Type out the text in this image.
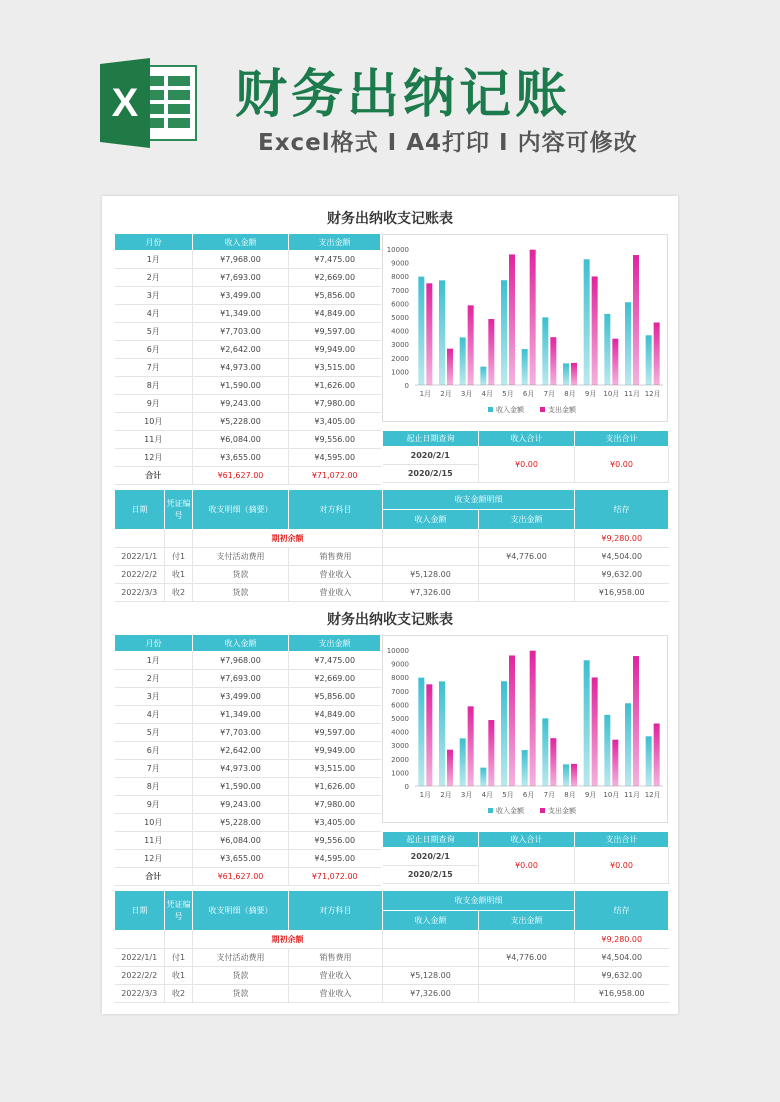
X 财务出纳记账
Excel格式 Ⅰ A4打印 Ⅰ 内容可修改
财务出纳收支记账表
月份	收入金额	支出金额
1月	¥7,968.00	¥7,475.00
2月	¥7,693.00	¥2,669.00
3月	¥3,499.00	¥5,856.00
4月	¥1,349.00	¥4,849.00
5月	¥7,703.00	¥9,597.00
6月	¥2,642.00	¥9,949.00
7月	¥4,973.00	¥3,515.00
8月	¥1,590.00	¥1,626.00
9月	¥9,243.00	¥7,980.00
10月	¥5,228.00	¥3,405.00
11月	¥6,084.00	¥9,556.00
12月	¥3,655.00	¥4,595.00
合计	¥61,627.00	¥71,072.00
0
1000
2000
3000
4000
5000
6000
7000
8000
9000
10000
1月 2月 3月 4月 5月 6月 7月 8月 9月 10月 11月 12月
收入金额	支出金额
起止日期查询	收入合计	支出合计
2020/2/1	¥0.00	¥0.00
2020/2/15		
日期	凭证编号	收支明细（摘要）	对方科目	收支金额明细		结存
				收入金额	支出金额	
		期初余额				¥9,280.00
2022/1/1	付1	支付活动费用	销售费用		¥4,776.00	¥4,504.00
2022/2/2	收1	货款	营业收入	¥5,128.00		¥9,632.00
2022/3/3	收2	货款	营业收入	¥7,326.00		¥16,958.00
财务出纳收支记账表
月份	收入金额	支出金额
1月	¥7,968.00	¥7,475.00
2月	¥7,693.00	¥2,669.00
3月	¥3,499.00	¥5,856.00
4月	¥1,349.00	¥4,849.00
5月	¥7,703.00	¥9,597.00
6月	¥2,642.00	¥9,949.00
7月	¥4,973.00	¥3,515.00
8月	¥1,590.00	¥1,626.00
9月	¥9,243.00	¥7,980.00
10月	¥5,228.00	¥3,405.00
11月	¥6,084.00	¥9,556.00
12月	¥3,655.00	¥4,595.00
合计	¥61,627.00	¥71,072.00
0
1000
2000
3000
4000
5000
6000
7000
8000
9000
10000
1月 2月 3月 4月 5月 6月 7月 8月 9月 10月 11月 12月
收入金额	支出金额
起止日期查询	收入合计	支出合计
2020/2/1	¥0.00	¥0.00
2020/2/15		
日期	凭证编号	收支明细（摘要）	对方科目	收支金额明细		结存
				收入金额	支出金额	
		期初余额				¥9,280.00
2022/1/1	付1	支付活动费用	销售费用		¥4,776.00	¥4,504.00
2022/2/2	收1	货款	营业收入	¥5,128.00		¥9,632.00
2022/3/3	收2	货款	营业收入	¥7,326.00		¥16,958.00
